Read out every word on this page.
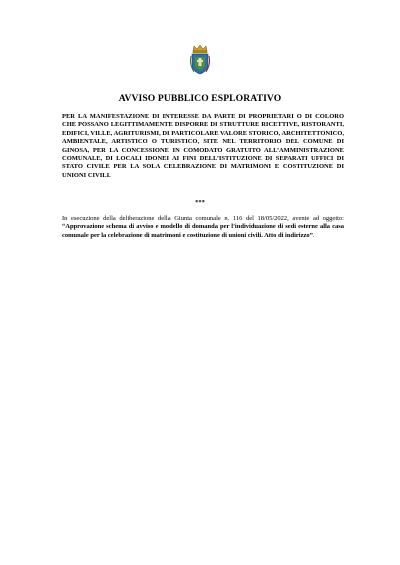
AVVISO PUBBLICO ESPLORATIVO

PER LA MANIFESTAZIONE DI INTERESSE DA PARTE DI PROPRIETARI O DI COLORO CHE POSSANO LEGITTIMAMENTE DISPORRE DI STRUTTURE RICETTIVE, RISTORANTI, EDIFICI, VILLE, AGRITURISMI, DI PARTICOLARE VALORE STORICO, ARCHITETTONICO, AMBIENTALE, ARTISTICO O TURISTICO, SITE NEL TERRITORIO DEL COMUNE DI GINOSA, PER LA CONCESSIONE IN COMODATO GRATUITO ALL’AMMINISTRAZIONE COMUNALE, DI LOCALI IDONEI AI FINI DELL’ISTITUZIONE DI SEPARATI UFFICI DI STATO CIVILE PER LA SOLA CELEBRAZIONE DI MATRIMONI E COSTITUZIONE DI UNIONI CIVILI.

***

In esecuzione della deliberazione della Giunta comunale n. 116 del 18/05/2022, avente ad oggetto: “Approvazione schema di avviso e modello di domanda per l'individuazione di sedi esterne alla casa comunale per la celebrazione di matrimoni e costituzione di unioni civili. Atto di indirizzo”.
